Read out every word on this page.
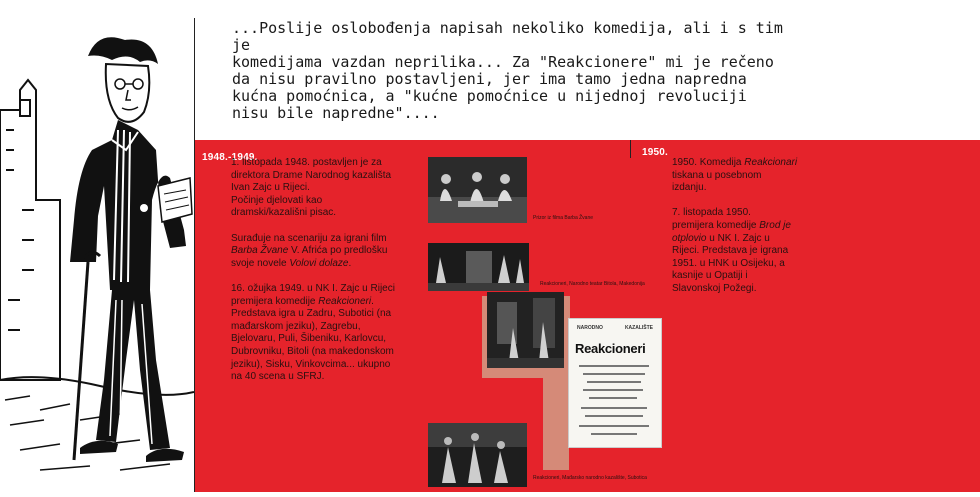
...Poslije oslobođenja napisah nekoliko komedija, ali i s tim je
komedijama vazdan neprilika... Za "Reakcionere" mi je rečeno
da nisu pravilno postavljeni, jer ima tamo jedna napredna
kućna pomoćnica, a "kućne pomoćnice u nijednoj revoluciji
nisu bile napredne"....

1948.-1949.	1950.

1. listopada 1948. postavljen je za
direktora Drame Narodnog kazališta
Ivan Zajc u Rijeci.
Počinje djelovati kao
dramski/kazališni pisac.

Surađuje na scenariju za igrani film
Barba Žvane V. Afrića po predlošku
svoje novele Volovi dolaze.

16. ožujka 1949. u NK I. Zajc u Rijeci
premijera komedije Reakcioneri.
Predstava igra u Zadru, Subotici (na
mađarskom jeziku), Zagrebu,
Bjelovaru, Puli, Šibeniku, Karlovcu,
Dubrovniku, Bitoli (na makedonskom
jeziku), Sisku, Vinkovcima... ukupno
na 40 scena u SFRJ.

1950. Komedija Reakcionari
tiskana u posebnom
izdanju.

7. listopada 1950.
premijera komedije Brod je
otplovio u NK I. Zajc u
Rijeci. Predstava je igrana
1951. u HNK u Osijeku, a
kasnije u Opatiji i
Slavonskoj Požegi.

Prizor iz filma Barba Žvane
Reakcioneri, Narodno teatar Bitola, Makedonija
NARODNO	KAZALIŠTE
Reakcioneri
Reakcioneri, Mađarsko narodno kazalište, Subotica
